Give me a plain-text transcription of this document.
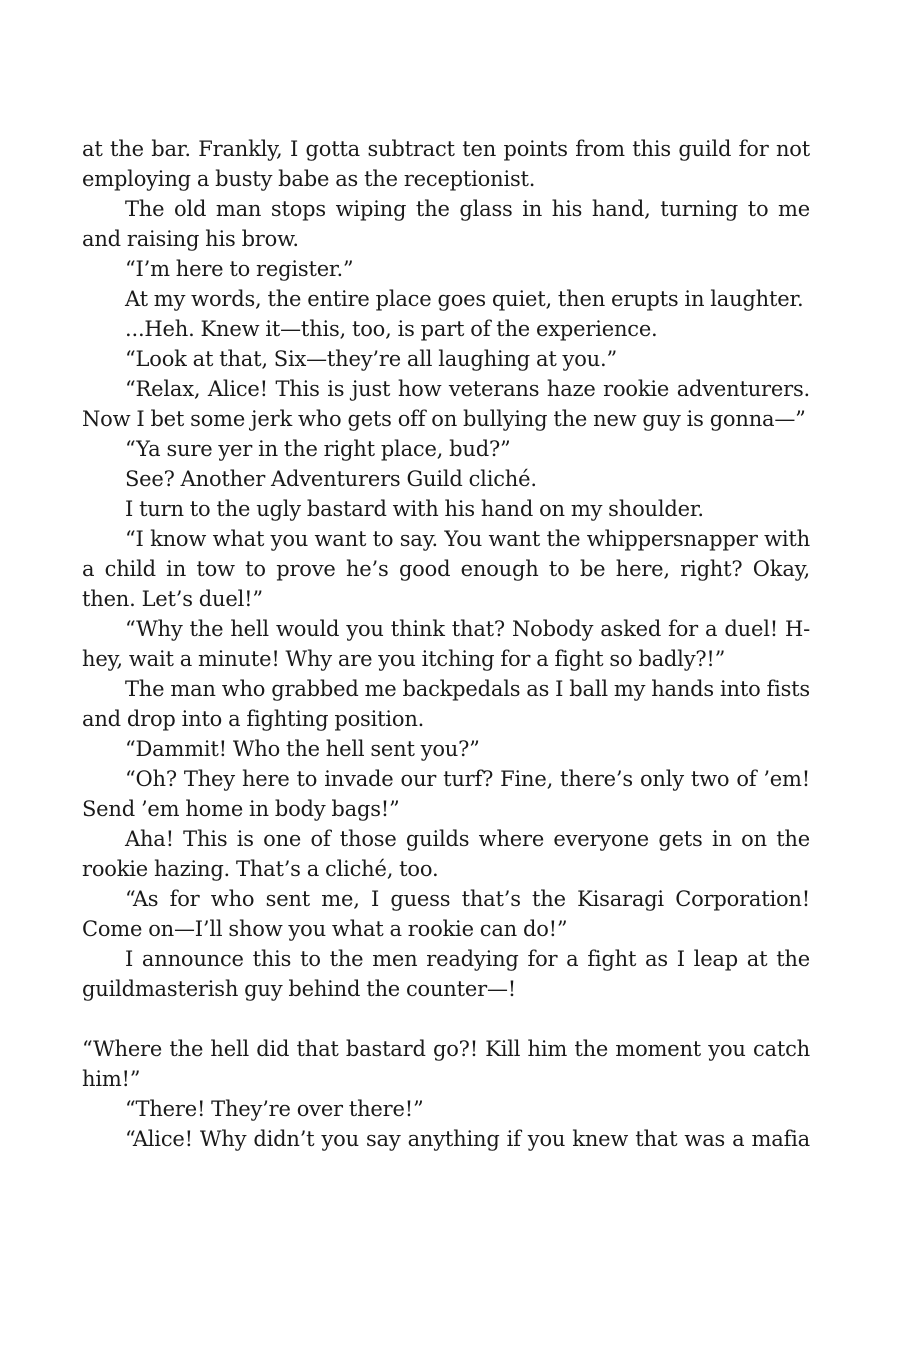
at the bar. Frankly, I gotta subtract ten points from this guild for not employing a busty babe as the receptionist.

The old man stops wiping the glass in his hand, turning to me and raising his brow.

“I’m here to register.”

At my words, the entire place goes quiet, then erupts in laughter.

...Heh. Knew it—this, too, is part of the experience.

“Look at that, Six—they’re all laughing at you.”

“Relax, Alice! This is just how veterans haze rookie adventurers. Now I bet some jerk who gets off on bullying the new guy is gonna—”

“Ya sure yer in the right place, bud?”

See? Another Adventurers Guild cliché.

I turn to the ugly bastard with his hand on my shoulder.

“I know what you want to say. You want the whippersnapper with a child in tow to prove he’s good enough to be here, right? Okay, then. Let’s duel!”

“Why the hell would you think that? Nobody asked for a duel! H-hey, wait a minute! Why are you itching for a fight so badly?!”

The man who grabbed me backpedals as I ball my hands into fists and drop into a fighting position.

“Dammit! Who the hell sent you?”

“Oh? They here to invade our turf? Fine, there’s only two of ’em! Send ’em home in body bags!”

Aha! This is one of those guilds where everyone gets in on the rookie hazing. That’s a cliché, too.

“As for who sent me, I guess that’s the Kisaragi Corporation! Come on—I’ll show you what a rookie can do!”

I announce this to the men readying for a fight as I leap at the guildmasterish guy behind the counter—!

“Where the hell did that bastard go?! Kill him the moment you catch him!”

“There! They’re over there!”

“Alice! Why didn’t you say anything if you knew that was a mafia
